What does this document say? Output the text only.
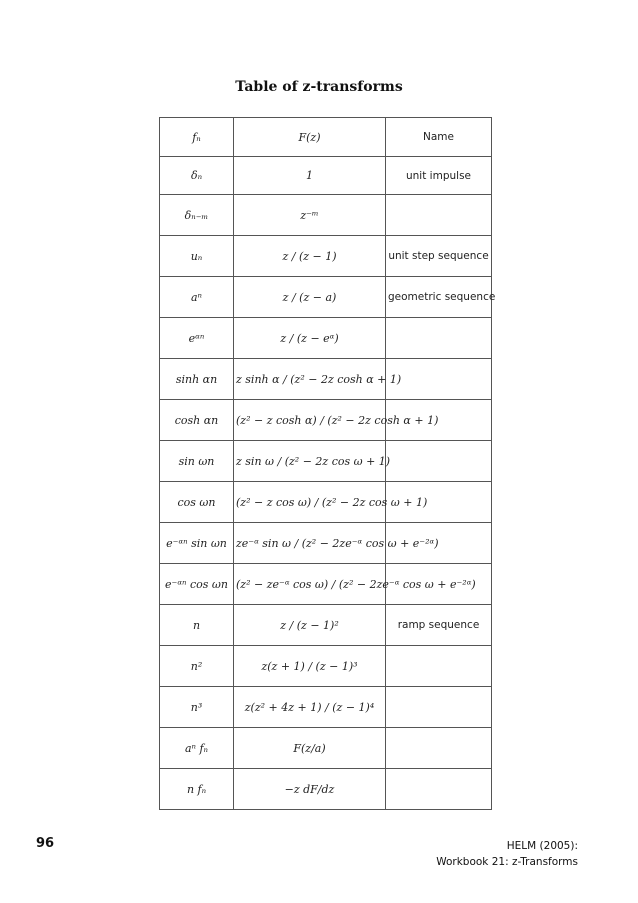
Table of z-transforms
fₙ	F(z)	Name
δₙ	1	unit impulse
δₙ₋ₘ	z⁻ᵐ	
uₙ	z / (z − 1)	unit step sequence
aⁿ	z / (z − a)	geometric sequence
eᵅⁿ	z / (z − eᵅ)	
sinh αn	z sinh α / (z² − 2z cosh α + 1)	
cosh αn	(z² − z cosh α) / (z² − 2z cosh α + 1)	
sin ωn	z sin ω / (z² − 2z cos ω + 1)	
cos ωn	(z² − z cos ω) / (z² − 2z cos ω + 1)	
e⁻ᵅⁿ sin ωn	ze⁻ᵅ sin ω / (z² − 2ze⁻ᵅ cos ω + e⁻²ᵅ)	
e⁻ᵅⁿ cos ωn	(z² − ze⁻ᵅ cos ω) / (z² − 2ze⁻ᵅ cos ω + e⁻²ᵅ)	
n	z / (z − 1)²	ramp sequence
n²	z(z + 1) / (z − 1)³	
n³	z(z² + 4z + 1) / (z − 1)⁴	
aⁿ fₙ	F(z/a)	
n fₙ	−z dF/dz	
96	HELM (2005):
Workbook 21: z-Transforms
